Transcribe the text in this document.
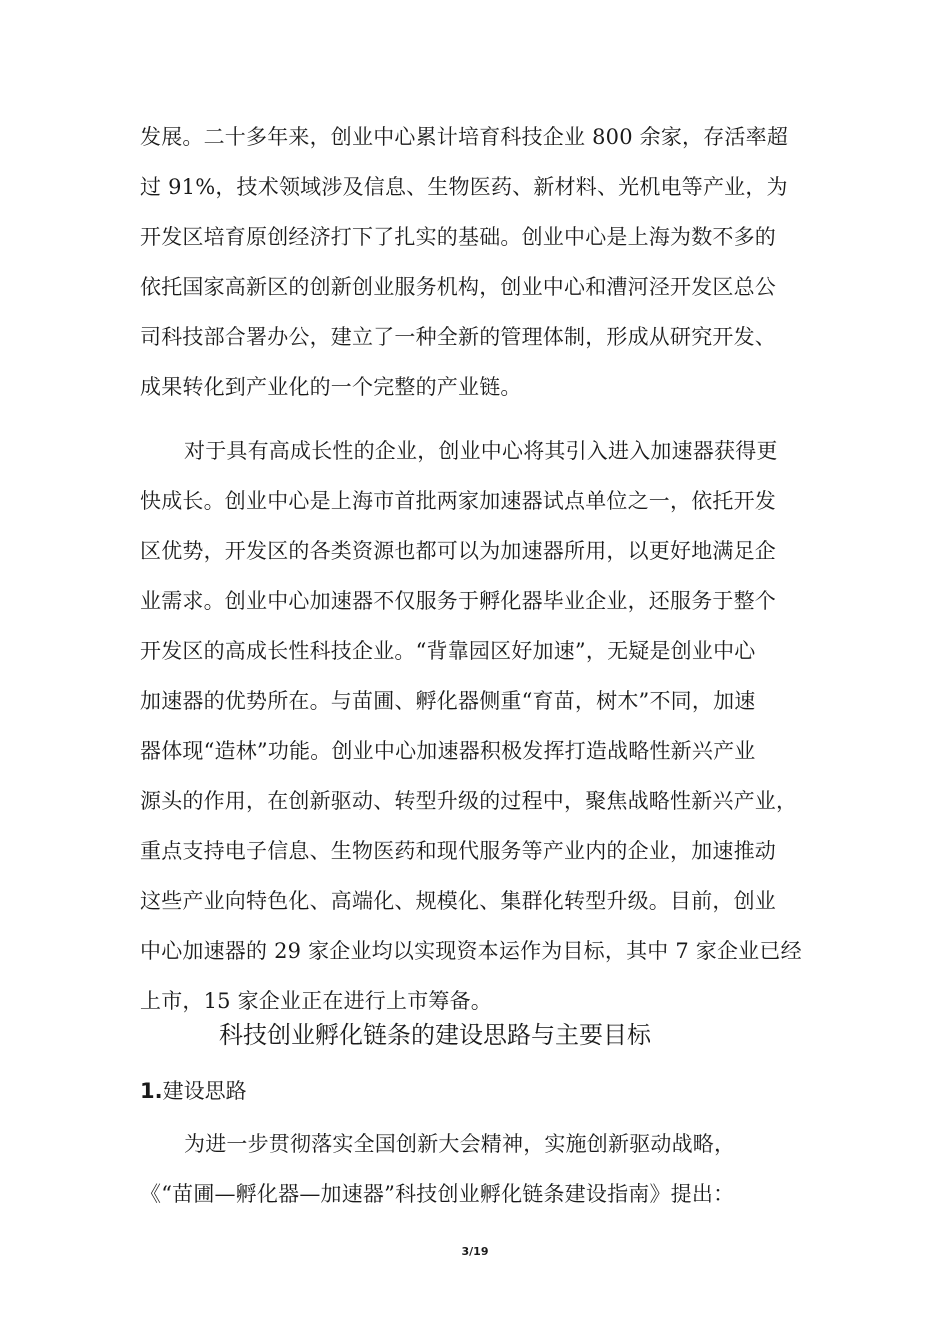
发展。二十多年来，创业中心累计培育科技企业 800 余家，存活率超
过 91%，技术领域涉及信息、生物医药、新材料、光机电等产业，为
开发区培育原创经济打下了扎实的基础。创业中心是上海为数不多的
依托国家高新区的创新创业服务机构，创业中心和漕河泾开发区总公
司科技部合署办公，建立了一种全新的管理体制，形成从研究开发、
成果转化到产业化的一个完整的产业链。
对于具有高成长性的企业，创业中心将其引入进入加速器获得更
快成长。创业中心是上海市首批两家加速器试点单位之一，依托开发
区优势，开发区的各类资源也都可以为加速器所用，以更好地满足企
业需求。创业中心加速器不仅服务于孵化器毕业企业，还服务于整个
开发区的高成长性科技企业。“背靠园区好加速”，无疑是创业中心
加速器的优势所在。与苗圃、孵化器侧重“育苗，树木”不同，加速
器体现“造林”功能。创业中心加速器积极发挥打造战略性新兴产业
源头的作用，在创新驱动、转型升级的过程中，聚焦战略性新兴产业，
重点支持电子信息、生物医药和现代服务等产业内的企业，加速推动
这些产业向特色化、高端化、规模化、集群化转型升级。目前，创业
中心加速器的 29 家企业均以实现资本运作为目标，其中 7 家企业已经
上市，15 家企业正在进行上市筹备。
科技创业孵化链条的建设思路与主要目标
1.建设思路
为进一步贯彻落实全国创新大会精神，实施创新驱动战略，
《“苗圃—孵化器—加速器”科技创业孵化链条建设指南》提出：
3/19
